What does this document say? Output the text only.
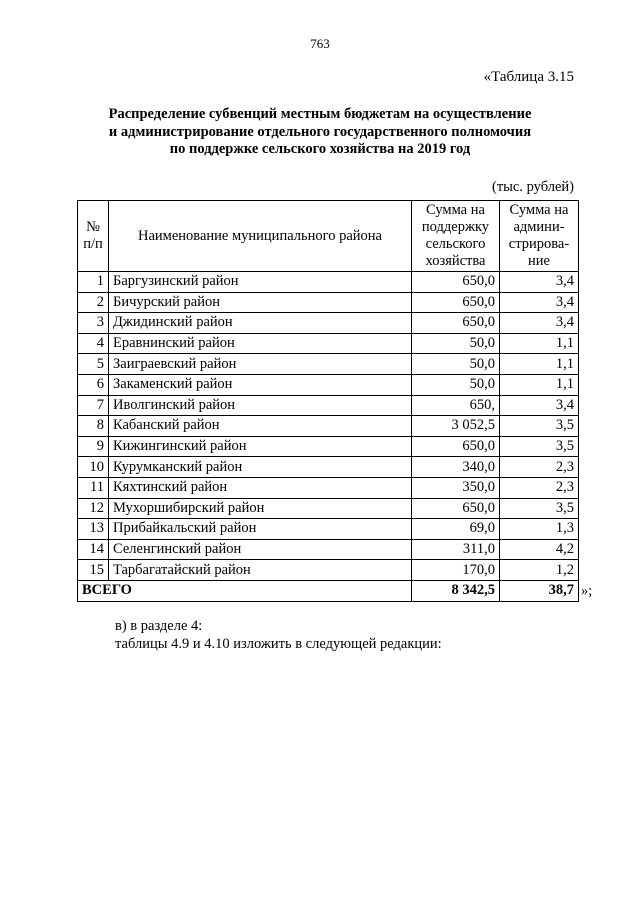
763
«Таблица 3.15
Распределение субвенций местным бюджетам на осуществление
и администрирование отдельного государственного полномочия
по поддержке сельского хозяйства на 2019 год
(тыс. рублей)
№ п/п	Наименование муниципального района	Сумма на поддержку сельского хозяйства	Сумма на админи-стрирова-ние
1	Баргузинский район	650,0	3,4
2	Бичурский район	650,0	3,4
3	Джидинский район	650,0	3,4
4	Еравнинский район	50,0	1,1
5	Заиграевский район	50,0	1,1
6	Закаменский район	50,0	1,1
7	Иволгинский район	650,	3,4
8	Кабанский район	3 052,5	3,5
9	Кижингинский район	650,0	3,5
10	Курумканский район	340,0	2,3
11	Кяхтинский район	350,0	2,3
12	Мухоршибирский район	650,0	3,5
13	Прибайкальский район	69,0	1,3
14	Селенгинский район	311,0	4,2
15	Тарбагатайский район	170,0	1,2
ВСЕГО		8 342,5	38,7 »;
в) в разделе 4:
таблицы 4.9 и 4.10 изложить в следующей редакции:
